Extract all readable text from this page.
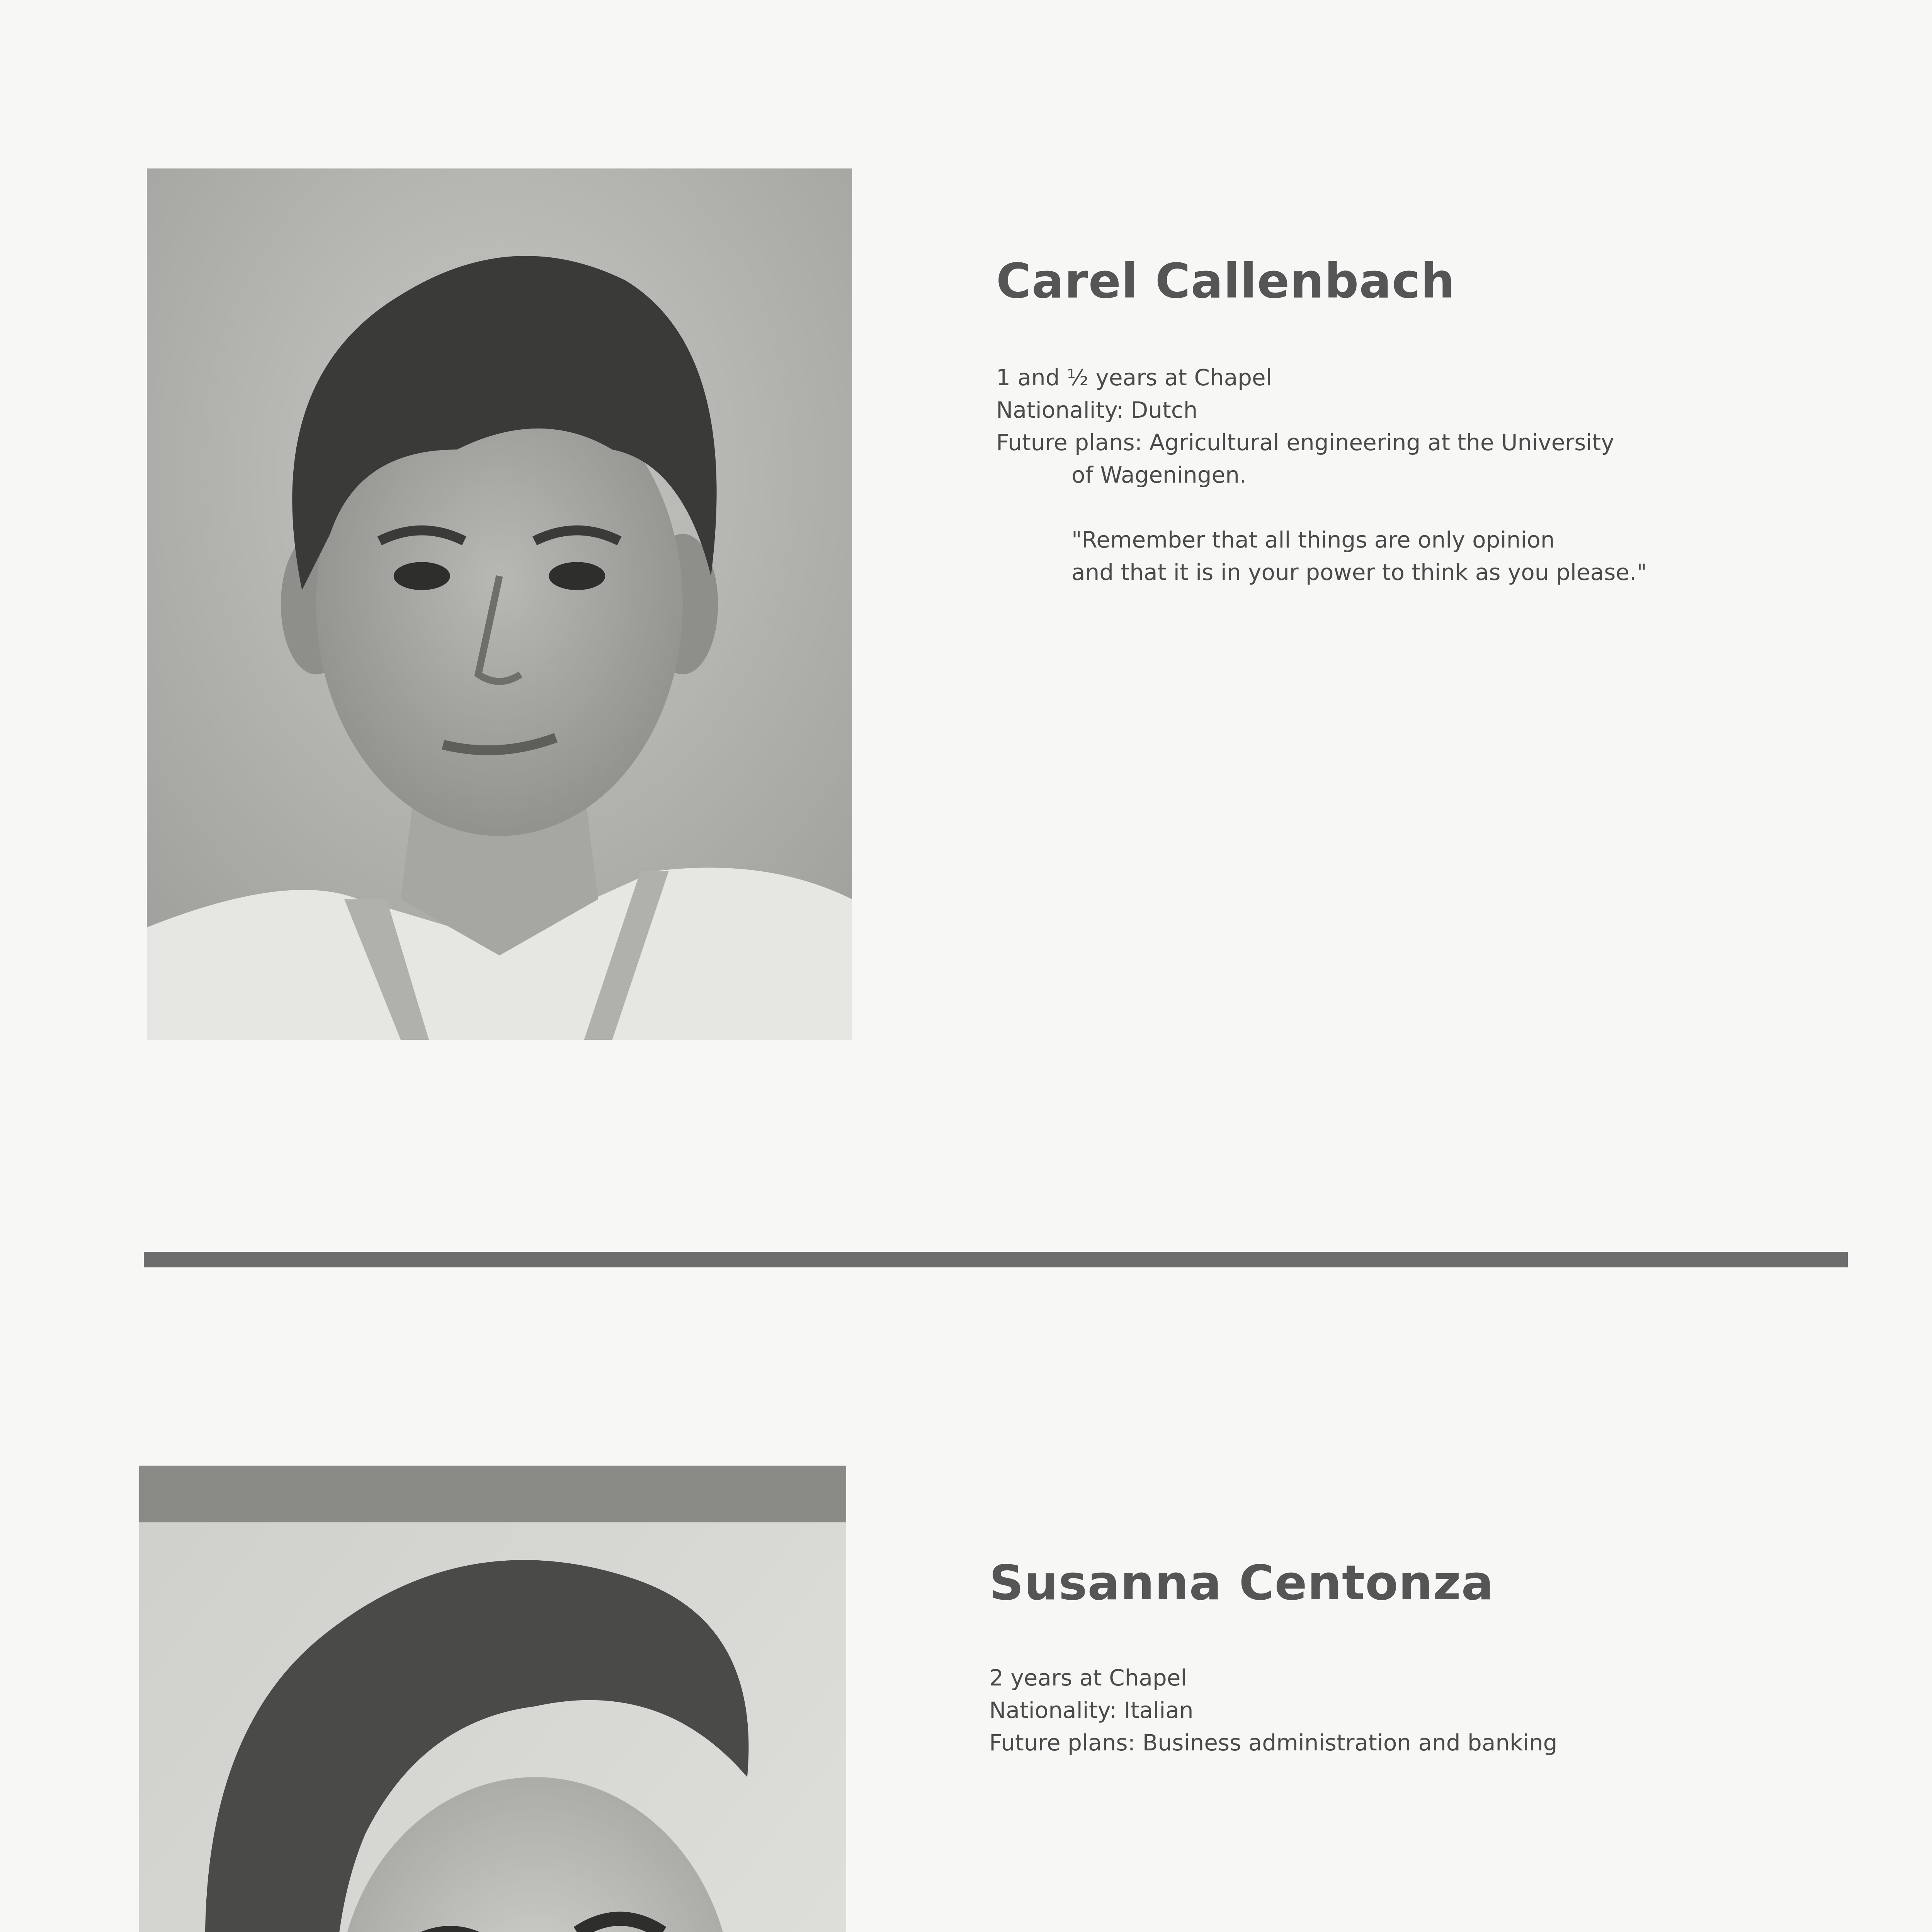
Carel Callenbach
1 and ½ years at Chapel
Nationality: Dutch
Future plans: Agricultural engineering at the University
of Wageningen.
"Remember that all things are only opinion
and that it is in your power to think as you please."
Susanna Centonza
2 years at Chapel
Nationality: Italian
Future plans: Business administration and banking
